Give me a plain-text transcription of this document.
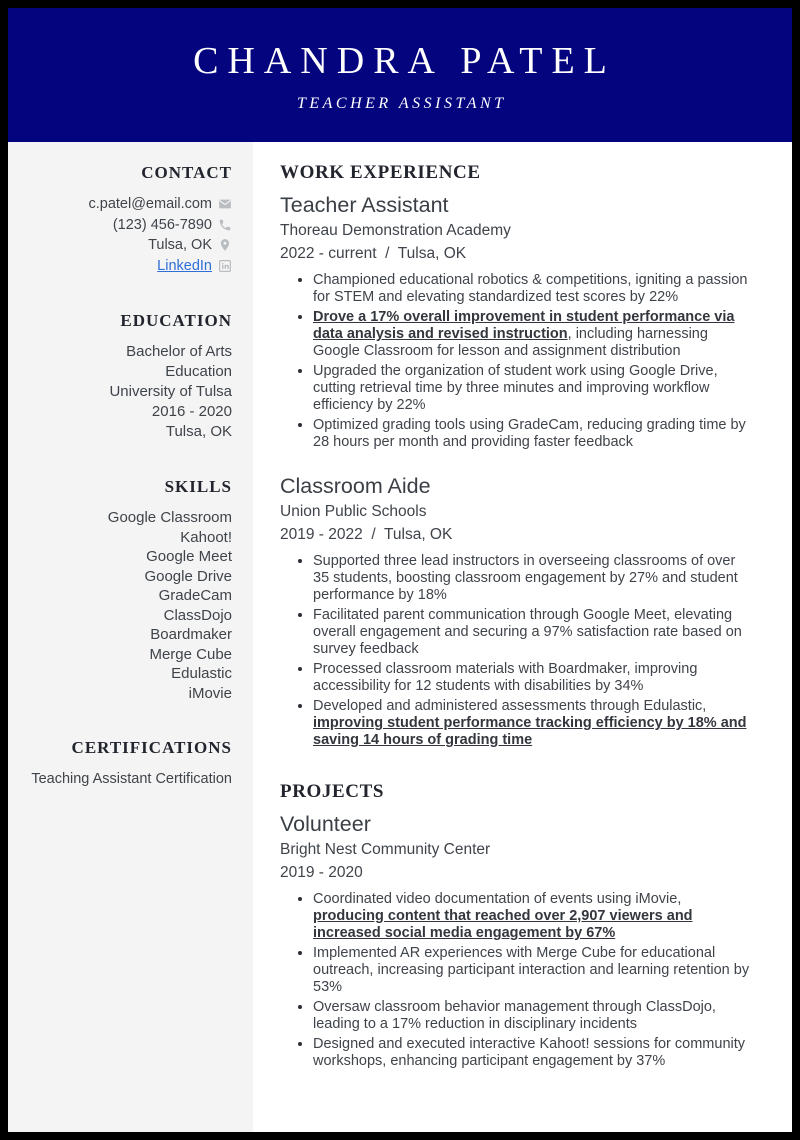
CHANDRA PATEL
TEACHER ASSISTANT
CONTACT
c.patel@email.com
(123) 456-7890
Tulsa, OK
LinkedIn
EDUCATION
Bachelor of Arts
Education
University of Tulsa
2016 - 2020
Tulsa, OK
SKILLS
Google Classroom
Kahoot!
Google Meet
Google Drive
GradeCam
ClassDojo
Boardmaker
Merge Cube
Edulastic
iMovie
CERTIFICATIONS
Teaching Assistant Certification
WORK EXPERIENCE
Teacher Assistant
Thoreau Demonstration Academy
2022 - current  /  Tulsa, OK
• Championed educational robotics & competitions, igniting a passion for STEM and elevating standardized test scores by 22%
• Drove a 17% overall improvement in student performance via data analysis and revised instruction, including harnessing Google Classroom for lesson and assignment distribution
• Upgraded the organization of student work using Google Drive, cutting retrieval time by three minutes and improving workflow efficiency by 22%
• Optimized grading tools using GradeCam, reducing grading time by 28 hours per month and providing faster feedback
Classroom Aide
Union Public Schools
2019 - 2022  /  Tulsa, OK
• Supported three lead instructors in overseeing classrooms of over 35 students, boosting classroom engagement by 27% and student performance by 18%
• Facilitated parent communication through Google Meet, elevating overall engagement and securing a 97% satisfaction rate based on survey feedback
• Processed classroom materials with Boardmaker, improving accessibility for 12 students with disabilities by 34%
• Developed and administered assessments through Edulastic, improving student performance tracking efficiency by 18% and saving 14 hours of grading time
PROJECTS
Volunteer
Bright Nest Community Center
2019 - 2020
• Coordinated video documentation of events using iMovie, producing content that reached over 2,907 viewers and increased social media engagement by 67%
• Implemented AR experiences with Merge Cube for educational outreach, increasing participant interaction and learning retention by 53%
• Oversaw classroom behavior management through ClassDojo, leading to a 17% reduction in disciplinary incidents
• Designed and executed interactive Kahoot! sessions for community workshops, enhancing participant engagement by 37%
